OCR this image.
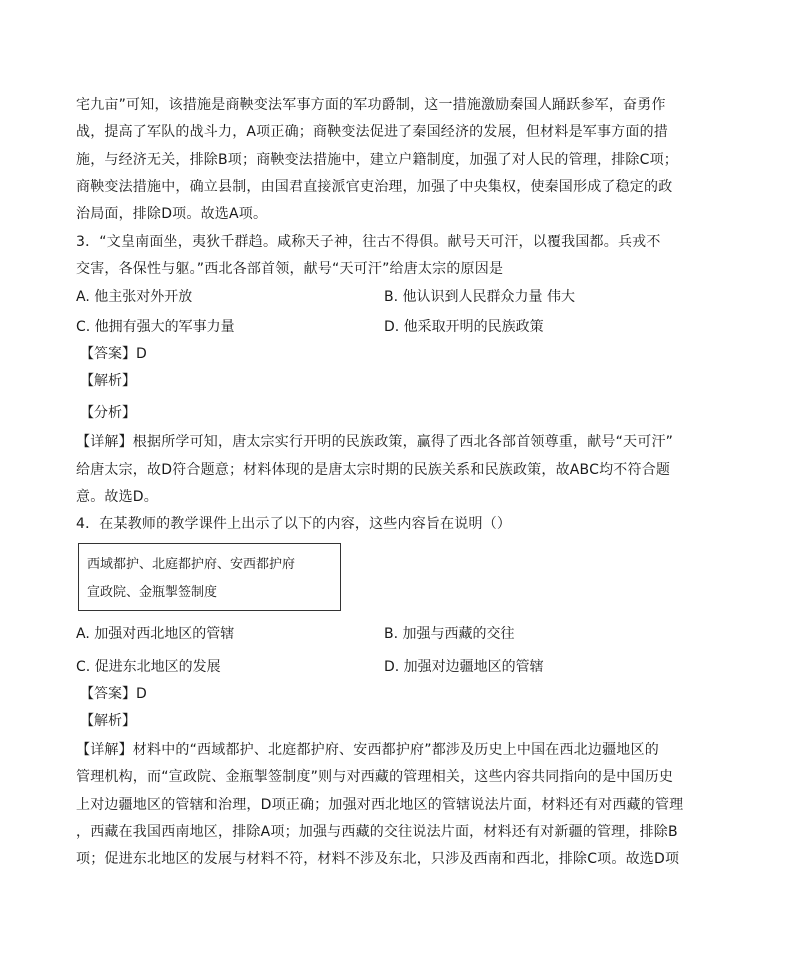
宅九亩”可知，该措施是商鞅变法军事方面的军功爵制，这一措施激励秦国人踊跃参军，奋勇作
战，提高了军队的战斗力，A项正确；商鞅变法促进了秦国经济的发展，但材料是军事方面的措
施，与经济无关，排除B项；商鞅变法措施中，建立户籍制度，加强了对人民的管理，排除C项；
商鞅变法措施中，确立县制，由国君直接派官吏治理，加强了中央集权，使秦国形成了稳定的政
治局面，排除D项。故选A项。
3．“文皇南面坐，夷狄千群趋。咸称天子神，往古不得俱。献号天可汗，以覆我国都。兵戎不
交害，各保性与躯。”西北各部首领，献号“天可汗”给唐太宗的原因是
A. 他主张对外开放	B. 他认识到人民群众力量 伟大
C. 他拥有强大的军事力量	D. 他采取开明的民族政策
【答案】D
【解析】
【分析】
【详解】根据所学可知，唐太宗实行开明的民族政策，赢得了西北各部首领尊重，献号“天可汗”
给唐太宗，故D符合题意；材料体现的是唐太宗时期的民族关系和民族政策，故ABC均不符合题
意。故选D。
4．在某教师的教学课件上出示了以下的内容，这些内容旨在说明（）
西域都护、北庭都护府、安西都护府
宣政院、金瓶掣签制度
A. 加强对西北地区的管辖	B. 加强与西藏的交往
C. 促进东北地区的发展	D. 加强对边疆地区的管辖
【答案】D
【解析】
【详解】材料中的“西域都护、北庭都护府、安西都护府”都涉及历史上中国在西北边疆地区的
管理机构，而“宣政院、金瓶掣签制度”则与对西藏的管理相关，这些内容共同指向的是中国历史
上对边疆地区的管辖和治理，D项正确；加强对西北地区的管辖说法片面，材料还有对西藏的管理
，西藏在我国西南地区，排除A项；加强与西藏的交往说法片面，材料还有对新疆的管理，排除B
项；促进东北地区的发展与材料不符，材料不涉及东北，只涉及西南和西北，排除C项。故选D项
